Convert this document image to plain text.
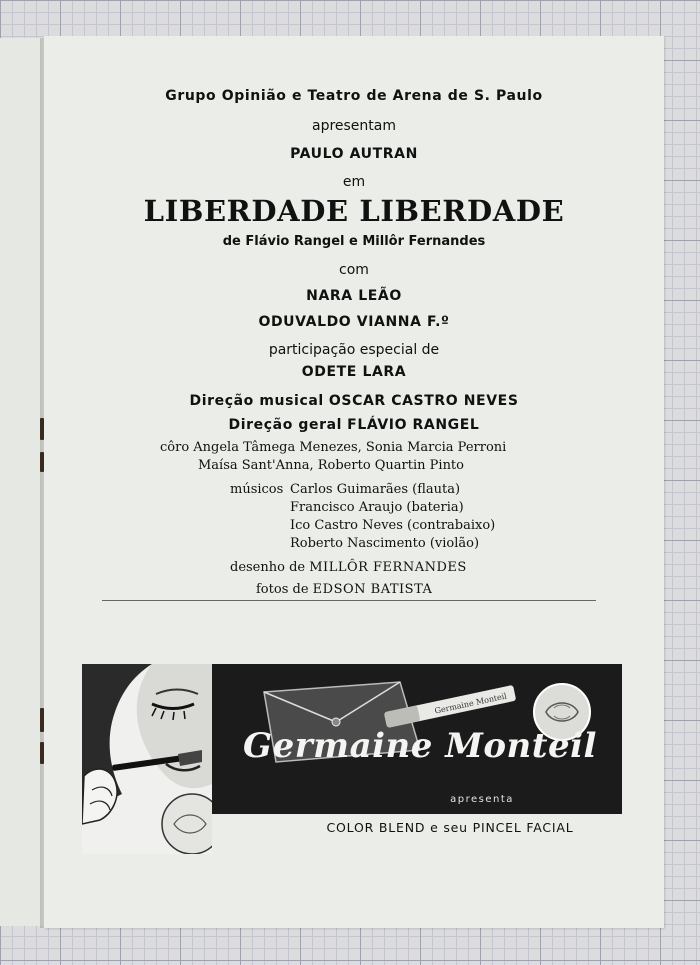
Grupo Opinião e Teatro de Arena de S. Paulo
apresentam
PAULO AUTRAN
em
LIBERDADE LIBERDADE
de Flávio Rangel e Millôr Fernandes
com
NARA LEÃO
ODUVALDO VIANNA F.º
participação especial de
ODETE LARA
Direção musical OSCAR CASTRO NEVES
Direção geral FLÁVIO RANGEL
côro Angela Tâmega Menezes, Sonia Marcia Perroni
Maísa Sant'Anna, Roberto Quartin Pinto
músicos Carlos Guimarães (flauta)
Francisco Araujo (bateria)
Ico Castro Neves (contrabaixo)
Roberto Nascimento (violão)
desenho de MILLÔR FERNANDES
fotos de EDSON BATISTA
Germaine Monteil
Germaine Monteil
apresenta
COLOR BLEND e seu PINCEL FACIAL
